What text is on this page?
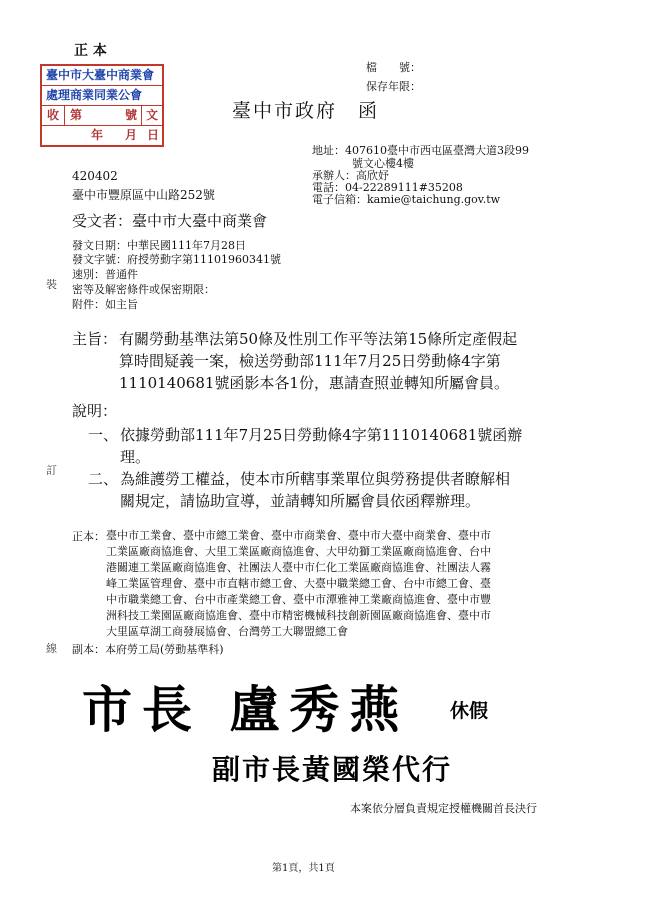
正 本
臺中市大臺中商業會
處理商業同業公會
收 第	號 文
年	月 日
檔　　號：
保存年限：
臺中市政府　函
420402
臺中市豐原區中山路252號
地址：407610臺中市西屯區臺灣大道3段99
號文心樓4樓
承辦人：高欣妤
電話：04-22289111#35208
電子信箱：kamie@taichung.gov.tw
受文者：臺中市大臺中商業會
發文日期：中華民國111年7月28日
發文字號：府授勞動字第11101960341號
速別：普通件
密等及解密條件或保密期限：
附件：如主旨
裝
訂
線
主旨： 有關勞動基準法第50條及性別工作平等法第15條所定產假起
算時間疑義一案，檢送勞動部111年7月25日勞動條4字第
1110140681號函影本各1份，惠請查照並轉知所屬會員。
說明：
一、 依據勞動部111年7月25日勞動條4字第1110140681號函辦
理。
二、 為維護勞工權益，使本市所轄事業單位與勞務提供者瞭解相
關規定，請協助宣導，並請轉知所屬會員依函釋辦理。
正本： 臺中市工業會、臺中市總工業會、臺中市商業會、臺中市大臺中商業會、臺中市
工業區廠商協進會、大里工業區廠商協進會、大甲幼獅工業區廠商協進會、台中
港關連工業區廠商協進會、社團法人臺中市仁化工業區廠商協進會、社團法人霧
峰工業區管理會、臺中市直轄市總工會、大臺中職業總工會、台中市總工會、臺
中市職業總工會、台中市產業總工會、臺中市潭雅神工業廠商協進會、臺中市豐
洲科技工業園區廠商協進會、臺中市精密機械科技創新園區廠商協進會、臺中市
大里區草湖工商發展協會、台灣勞工大聯盟總工會
副本：本府勞工局(勞動基準科)
市長 盧秀燕 休假
副市長黃國榮代行
本案依分層負責規定授權機關首長決行
第1頁，共1頁
